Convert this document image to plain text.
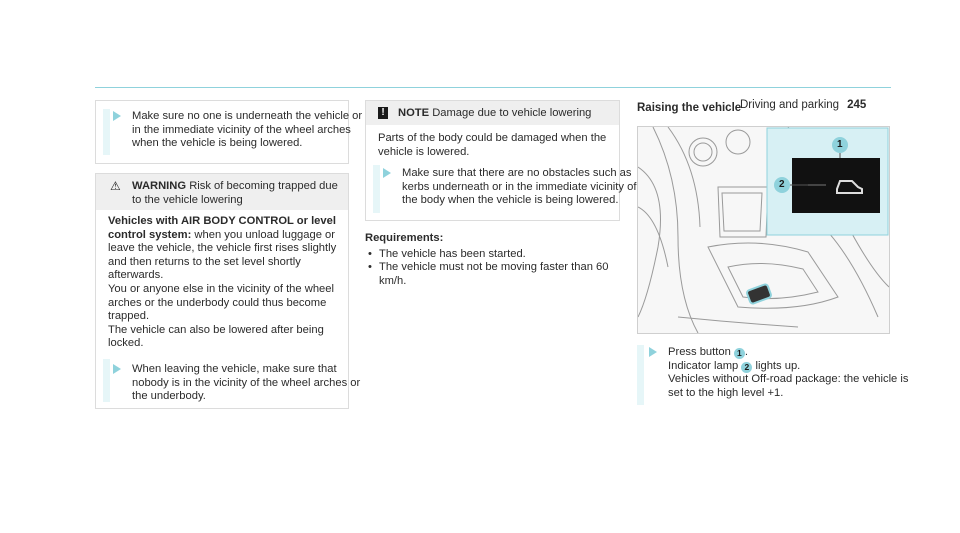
Driving and parking 245

Make sure no one is underneath the vehicle or in the immediate vicinity of the wheel arches when the vehicle is being lowered.

⚠ WARNING Risk of becoming trapped due to the vehicle lowering

Vehicles with AIR BODY CONTROL or level control system: when you unload luggage or leave the vehicle, the vehicle first rises slightly and then returns to the set level shortly afterwards.

You or anyone else in the vicinity of the wheel arches or the underbody could thus become trapped.

The vehicle can also be lowered after being locked.

When leaving the vehicle, make sure that nobody is in the vicinity of the wheel arches or the underbody.

! NOTE Damage due to vehicle lowering

Parts of the body could be damaged when the vehicle is lowered.

Make sure that there are no obstacles such as kerbs underneath or in the immediate vicinity of the body when the vehicle is being lowered.

Requirements:
• The vehicle has been started.
• The vehicle must not be moving faster than 60 km/h.
Raising the vehicle
1
2

Press button 1 .

Indicator lamp 2 lights up.

Vehicles without Off-road package: the vehicle is set to the high level +1.
